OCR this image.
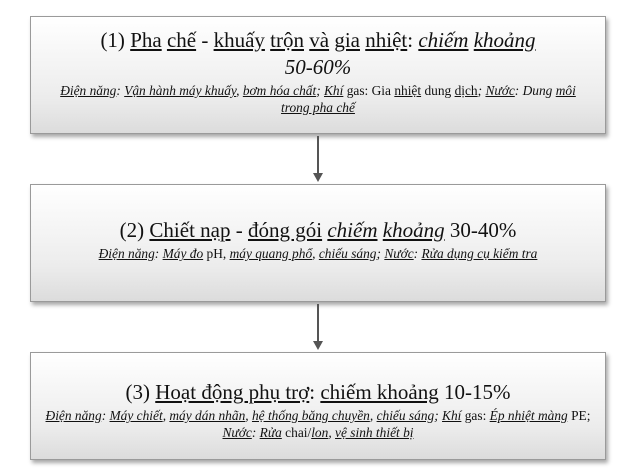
(1) Pha chế - khuấy trộn và gia nhiệt: chiếm khoảng
50-60%
Điện năng: Vận hành máy khuấy, bơm hóa chất; Khí gas: Gia nhiệt dung dịch; Nước: Dung môi trong pha chế
(2) Chiết nạp - đóng gói chiếm khoảng 30-40%
Điện năng: Máy đo pH, máy quang phổ, chiếu sáng; Nước: Rửa dụng cụ kiểm tra
(3) Hoạt động phụ trợ: chiếm khoảng 10-15%
Điện năng: Máy chiết, máy dán nhãn, hệ thống băng chuyền, chiếu sáng; Khí gas: Ép nhiệt màng PE; Nước: Rửa chai/lon, vệ sinh thiết bị
